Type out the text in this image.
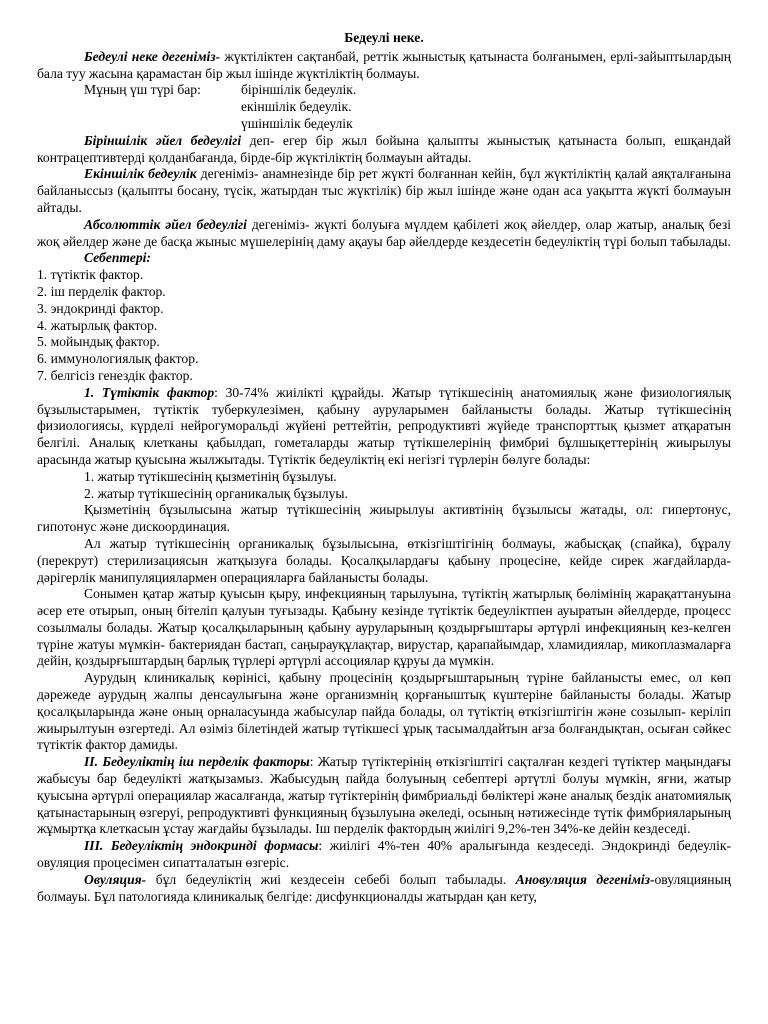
Бедеулі неке.

Бедеулі неке дегеніміз- жүктіліктен сақтанбай, реттік жыныстық қатынаста болғанымен, ерлі-зайыптылардың бала туу жасына қарамастан бір жыл ішінде жүктіліктің болмауы.

Мұның үш түрі бар:	біріншілік бедеулік.

екіншілік бедеулік.

үшіншілік бедеулік

Біріншілік әйел бедеулігі деп- егер бір жыл бойына қалыпты жыныстық қатынаста болып, ешқандай контрацептивтерді қолданбағанда, бірде-бір жүктіліктің болмауын айтады.

Екіншілік бедеулік дегеніміз- анамнезінде бір рет жүкті болғаннан кейін, бұл жүктіліктің қалай аяқталғанына байланыссыз (қалыпты босану, түсік, жатырдан тыс жүктілік) бір жыл ішінде және одан аса уақытта жүкті болмауын айтады.

Абсолюттік әйел бедеулігі дегеніміз- жүкті болуыға мүлдем қабілеті жоқ әйелдер, олар жатыр, аналық безі жоқ әйелдер және де басқа жыныс мүшелерінің даму ақауы бар әйелдерде кездесетін бедеуліктің түрі болып табылады.

Себептері:

1. түтіктік фактор.

2. іш перделік фактор.

3. эндокринді фактор.

4. жатырлық фактор.

5. мойындық фактор.

6. иммунологиялық фактор.

7. белгісіз генездік фактор.

1. Түтіктік фактор: 30-74% жиілікті құрайды. Жатыр түтікшесінің анатомиялық және физиологиялық бұзылыстарымен, түтіктік туберкулезімен, қабыну ауруларымен байланысты болады. Жатыр түтікшесінің физиологиясы, күрделі нейрогуморальді жүйені реттейтін, репродуктивті жүйеде транспорттық қызмет атқаратын белгілі. Аналық клетканы қабылдап, гометаларды жатыр түтікшелерінің фимбриі бұлшықеттерінің жиырылуы арасында жатыр қуысына жылжытады. Түтіктік бедеуліктің екі негізгі түрлерін бөлуге болады:

1. жатыр түтікшесінің қызметінің бұзылуы.

2. жатыр түтікшесінің органикалық бұзылуы.

Қызметінің бұзылысына жатыр түтікшесінің жиырылуы активтінің бұзылысы жатады, ол: гипертонус, гипотонус және дискоординация.

Ал жатыр түтікшесінің органикалық бұзылысына, өткізгіштігінің болмауы, жабысқақ (спайка), бұралу (перекрут) стерилизациясын жатқызуға болады. Қосалқылардағы қабыну процесіне, кейде сирек жағдайларда- дәрігерлік манипуляциялармен операцияларға байланысты болады.

Сонымен қатар жатыр қуысын қыру, инфекцияның тарылуына, түтіктің жатырлық бөлімінің жарақаттануына әсер ете отырып, оның бітеліп қалуын туғызады. Қабыну кезінде түтіктік бедеуліктпен ауыратын әйелдерде, процесс созылмалы болады. Жатыр қосалқыларының қабыну ауруларының қоздырғыштары әртүрлі инфекцияның кез-келген түріне жатуы мүмкін- бактериядан бастап, саңырауқұлақтар, вирустар, қарапайымдар, хламидиялар, микоплазмаларға дейін, қоздырғыштардың барлық түрлері әртүрлі ассоциялар құруы да мүмкін.

Аурудың клиникалық көрінісі, қабыну процесінің қоздырғыштарының түріне байланысты емес, ол көп дәрежеде аурудың жалпы денсаулығына және организмнің қорғаныштық күштеріне байланысты болады. Жатыр қосалқыларында және оның орналасуында жабысулар пайда болады, ол түтіктің өткізгіштігін және созылып- керіліп жиырылтуын өзгертеді. Ал өзіміз білетіндей жатыр түтікшесі ұрық тасымалдайтын ағза болғандықтан, осыған сәйкес түтіктік фактор дамиды.

ІІ. Бедеуліктің іш перделік факторы: Жатыр түтіктерінің өткізгіштігі сақталған кездегі түтіктер маңындағы жабысуы бар бедеулікті жатқызамыз. Жабысудың пайда болуының себептері әртүтлі болуы мүмкін, яғни, жатыр қуысына әртүрлі операциялар жасалғанда, жатыр түтіктерінің фимбриальді бөліктері және аналық бездік анатомиялық қатынастарының өзгеруі, репродуктивті функцияның бұзылуына әкеледі, осының нәтижесінде түтік фимбрияларының жұмыртқа клеткасын ұстау жағдайы бұзылады. Іш перделік фактордың жиілігі 9,2%-тен 34%-ке дейін кездеседі.

ІІІ. Бедеуліктің эндокринді формасы: жиілігі 4%-тен 40% аралығында кездеседі. Эндокринді бедеулік-овуляция процесімен сипатталатын өзгеріс.

Овуляция- бұл бедеуліктің жиі кездесеін себебі болып табылады. Ановуляция дегеніміз-овуляцияның болмауы. Бұл патологияда клиникалық белгіде: дисфункционалды жатырдан қан кету,
